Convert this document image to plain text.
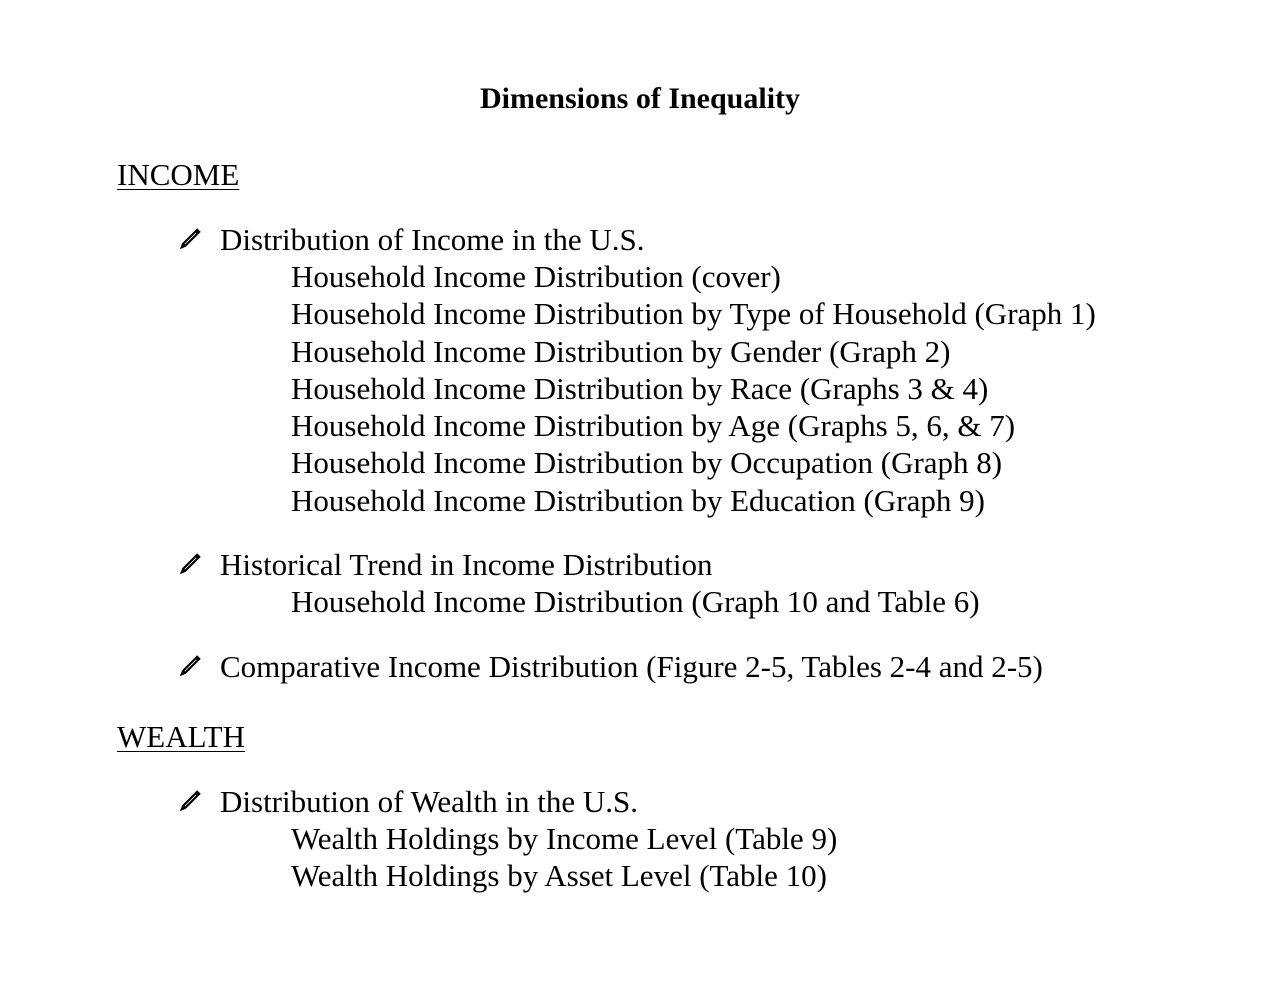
Dimensions of Inequality
INCOME
Distribution of Income in the U.S.
Household Income Distribution (cover)
Household Income Distribution by Type of Household (Graph 1)
Household Income Distribution by Gender (Graph 2)
Household Income Distribution by Race (Graphs 3 & 4)
Household Income Distribution by Age (Graphs 5, 6, & 7)
Household Income Distribution by Occupation (Graph 8)
Household Income Distribution by Education (Graph 9)
Historical Trend in Income Distribution
Household Income Distribution (Graph 10 and Table 6)
Comparative Income Distribution (Figure 2-5, Tables 2-4 and 2-5)
WEALTH
Distribution of Wealth in the U.S.
Wealth Holdings by Income Level (Table 9)
Wealth Holdings by Asset Level (Table 10)
